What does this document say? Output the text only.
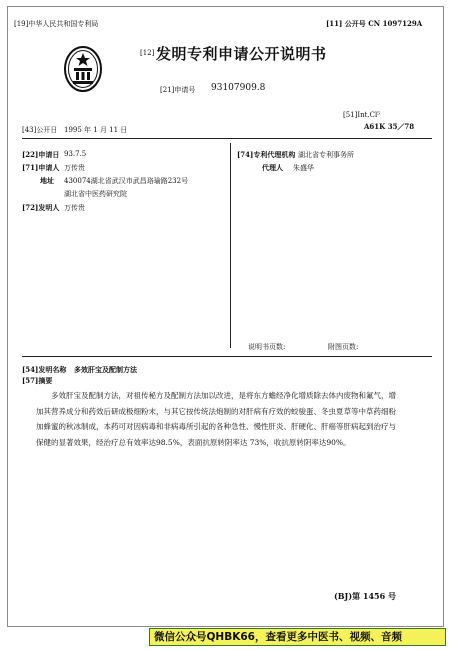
[19]中华人民共和国专利局	[11] 公开号 CN 1097129A
[12] 发明专利申请公开说明书
[21]申请号 93107909.8
[51]Int.Cl⁵
A61K 35／78
[43]公开日 1995 年 1 月 11 日
[22]申请日 93.7.5
[71]申请人 万传贵
地址 430074湖北省武汉市武昌珞瑜路232号
湖北省中医药研究院
[72]发明人 万传贵
[74]专利代理机构 湖北省专利事务所
代理人 朱盛华
说明书页数:	附图页数:
[54]发明名称 多效肝宝及配制方法
[57]摘要
多效肝宝及配制方法，对祖传秘方及配制方法加以改进，是将东方蟾经净化增质除去体内废物和氟气，增加其营养成分和药效后研成极细粉末，与其它按传统法炮制的对肝病有疗效的蛟骏蛋、冬虫夏草等中草药细粉加蜂蜜的秋冰制成，本药可对因病毒和非病毒所引起的各种急性、慢性肝炎、肝硬化、肝癌等肝病起到治疗与保健的显著效果，经治疗总有效率达98.5%，表面抗原转阴率达 73%，收抗原转阴率达90%。
(BJ)第 1456 号
微信公众号QHBK66，查看更多中医书、视频、音频
